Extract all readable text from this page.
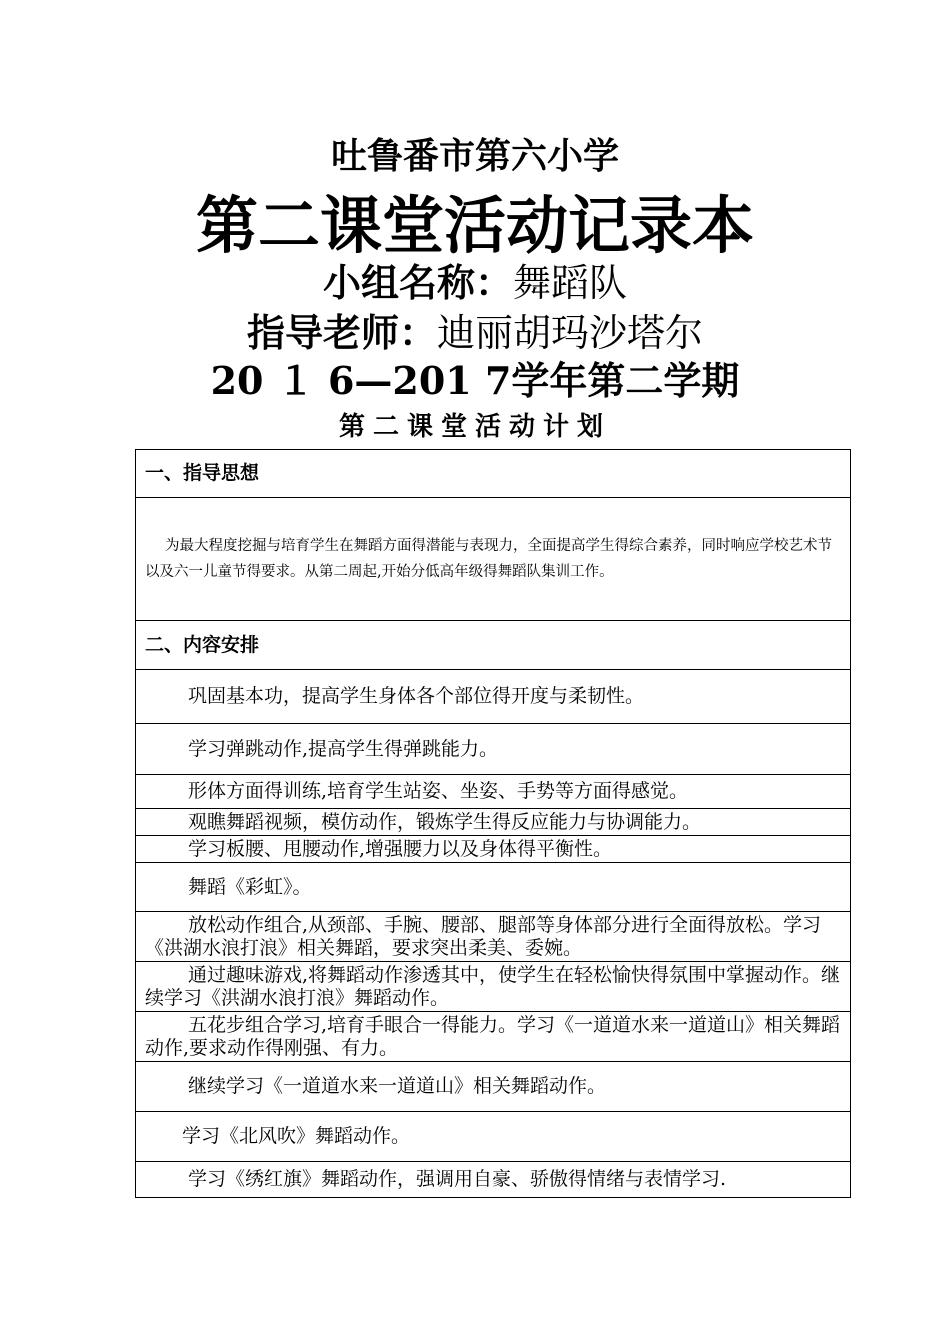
吐鲁番市第六小学
第二课堂活动记录本
小组名称：舞蹈队
指导老师：迪丽胡玛沙塔尔
20 １ 6—201 7学年第二学期
第二课堂活动计划
一、指导思想
为最大程度挖掘与培育学生在舞蹈方面得潜能与表现力，全面提高学生得综合素养，同时响应学校艺术节以及六一儿童节得要求。从第二周起,开始分低高年级得舞蹈队集训工作。
二、内容安排
巩固基本功，提高学生身体各个部位得开度与柔韧性。
学习弹跳动作,提高学生得弹跳能力。
形体方面得训练,培育学生站姿、坐姿、手势等方面得感觉。
观瞧舞蹈视频，模仿动作，锻炼学生得反应能力与协调能力。
学习板腰、甩腰动作,增强腰力以及身体得平衡性。
舞蹈《彩虹》。
放松动作组合,从颈部、手腕、腰部、腿部等身体部分进行全面得放松。学习《洪湖水浪打浪》相关舞蹈，要求突出柔美、委婉。
通过趣味游戏,将舞蹈动作渗透其中，使学生在轻松愉快得氛围中掌握动作。继续学习《洪湖水浪打浪》舞蹈动作。
五花步组合学习,培育手眼合一得能力。学习《一道道水来一道道山》相关舞蹈动作,要求动作得刚强、有力。
继续学习《一道道水来一道道山》相关舞蹈动作。
学习《北风吹》舞蹈动作。
学习《绣红旗》舞蹈动作，强调用自豪、骄傲得情绪与表情学习.
